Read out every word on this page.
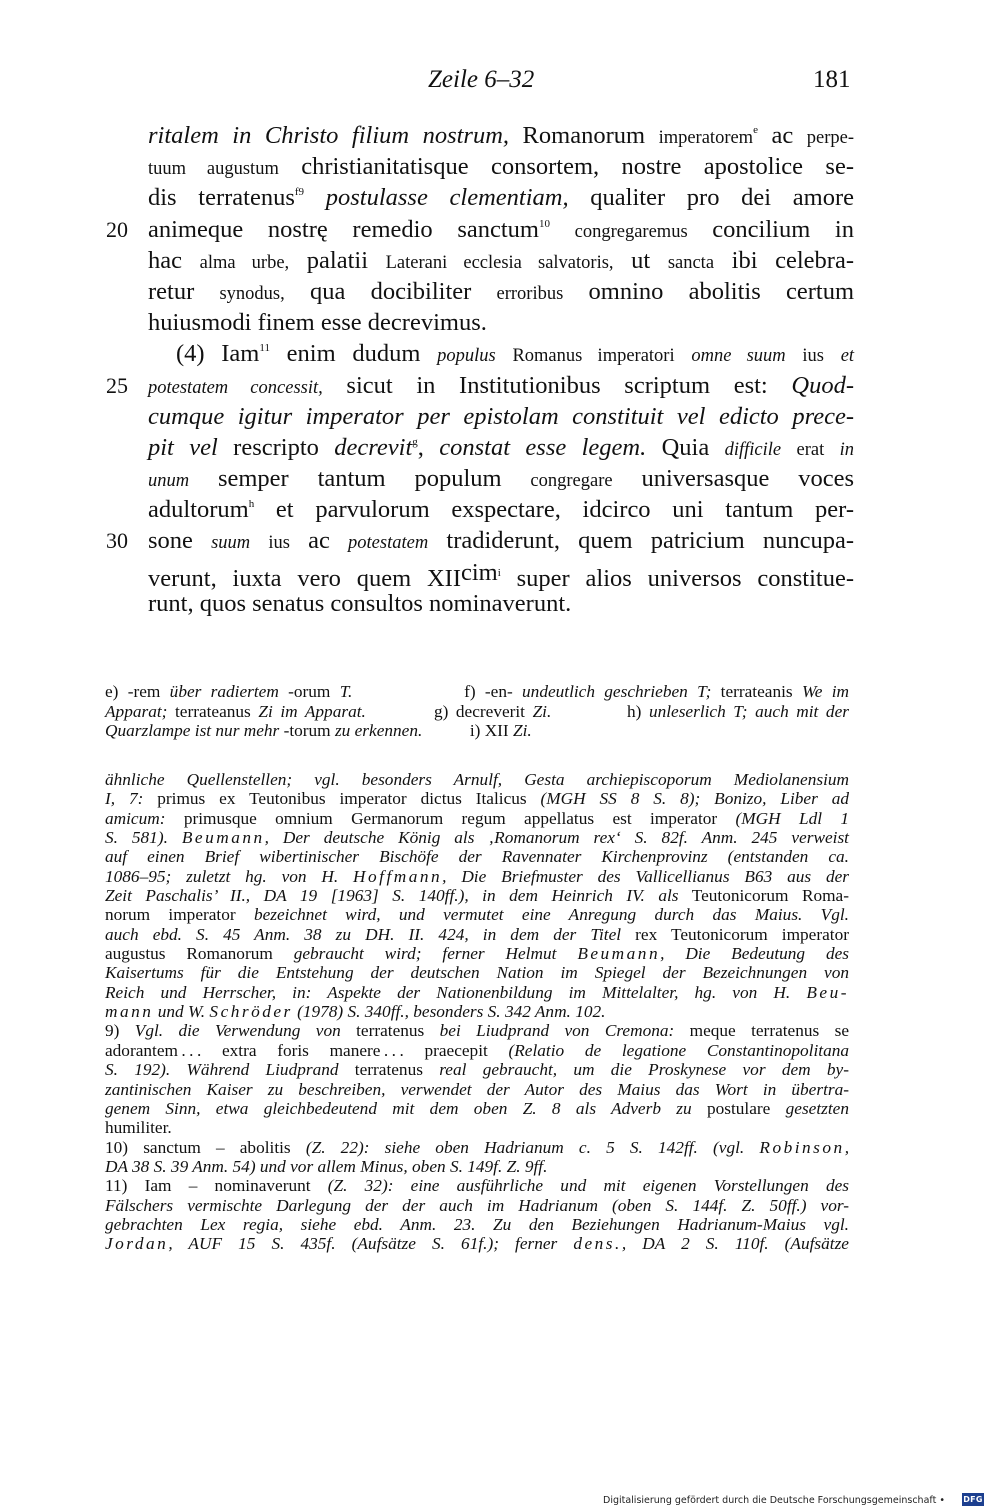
Zeile 6–32	181
ritalem in Christo filium nostrum, Romanorum imperatorem$^e$ ac perpe-
tuum augustum christianitatisque consortem, nostre apostolice se-
dis terratenus$^{f9}$ postulasse clementiam, qualiter pro dei amore
animeque nostrę remedio sanctum$^{10}$ congregaremus concilium in
20
hac alma urbe, palatii Laterani ecclesia salvatoris, ut sancta ibi celebra-
retur synodus, qua docibiliter erroribus omnino abolitis certum
huiusmodi finem esse decrevimus.
(4) Iam$^{11}$ enim dudum populus Romanus imperatori omne suum ius et
potestatem concessit, sicut in Institutionibus scriptum est: Quod-
25
cumque igitur imperator per epistolam constituit vel edicto prece-
pit vel rescripto decrevit$^g$, constat esse legem. Quia difficile erat in
unum semper tantum populum congregare universasque voces
adultorum$^h$ et parvulorum exspectare, idcirco uni tantum per-
sone suum ius ac potestatem tradiderunt, quem patricium nuncupa-
30
verunt, iuxta vero quem XIIcim$^i$ super alios universos constitue-
runt, quos senatus consultos nominaverunt.
e) -rem über radiertem -orum T.            f) -en- undeutlich geschrieben T; terrateanis We im
Apparat; terrateanus Zi im Apparat.         g) decreverit Zi.          h) unleserlich T; auch mit der
Quarzlampe ist nur mehr -torum zu erkennen.           i) XII Zi.
ähnliche Quellenstellen; vgl. besonders Arnulf, Gesta archiepiscoporum Mediolanensium
I, 7: primus ex Teutonibus imperator dictus Italicus (MGH SS 8 S. 8); Bonizo, Liber ad
amicum: primusque omnium Germanorum regum appellatus est imperator (MGH Ldl 1
S. 581). Beumann, Der deutsche König als ‚Romanorum rex‘ S. 82f. Anm. 245 verweist
auf einen Brief wibertinischer Bischöfe der Ravennater Kirchenprovinz (entstanden ca.
1086–95; zuletzt hg. von H. Hoffmann, Die Briefmuster des Vallicellianus B63 aus der
Zeit Paschalis’ II., DA 19 [1963] S. 140ff.), in dem Heinrich IV. als Teutonicorum Roma-
norum imperator bezeichnet wird, und vermutet eine Anregung durch das Maius. Vgl.
auch ebd. S. 45 Anm. 38 zu DH. II. 424, in dem der Titel rex Teutonicorum imperator
augustus Romanorum gebraucht wird; ferner Helmut Beumann, Die Bedeutung des
Kaisertums für die Entstehung der deutschen Nation im Spiegel der Bezeichnungen von
Reich und Herrscher, in: Aspekte der Nationenbildung im Mittelalter, hg. von H. Beu-
mann und W. Schröder (1978) S. 340ff., besonders S. 342 Anm. 102.
9) Vgl. die Verwendung von terratenus bei Liudprand von Cremona: meque terratenus se
adorantem . . . extra foris manere . . . praecepit (Relatio de legatione Constantinopolitana
S. 192). Während Liudprand terratenus real gebraucht, um die Proskynese vor dem by-
zantinischen Kaiser zu beschreiben, verwendet der Autor des Maius das Wort in übertra-
genem Sinn, etwa gleichbedeutend mit dem oben Z. 8 als Adverb zu postulare gesetzten
humiliter.
10) sanctum – abolitis (Z. 22): siehe oben Hadrianum c. 5 S. 142ff. (vgl. Robinson,
DA 38 S. 39 Anm. 54) und vor allem Minus, oben S. 149f. Z. 9ff.
11) Iam – nominaverunt (Z. 32): eine ausführliche und mit eigenen Vorstellungen des
Fälschers vermischte Darlegung der der auch im Hadrianum (oben S. 144f. Z. 50ff.) vor-
gebrachten Lex regia, siehe ebd. Anm. 23. Zu den Beziehungen Hadrianum-Maius vgl.
Jordan, AUF 15 S. 435f. (Aufsätze S. 61f.); ferner dens., DA 2 S. 110f. (Aufsätze
Digitalisierung gefördert durch die Deutsche Forschungsgemeinschaft • DFG
